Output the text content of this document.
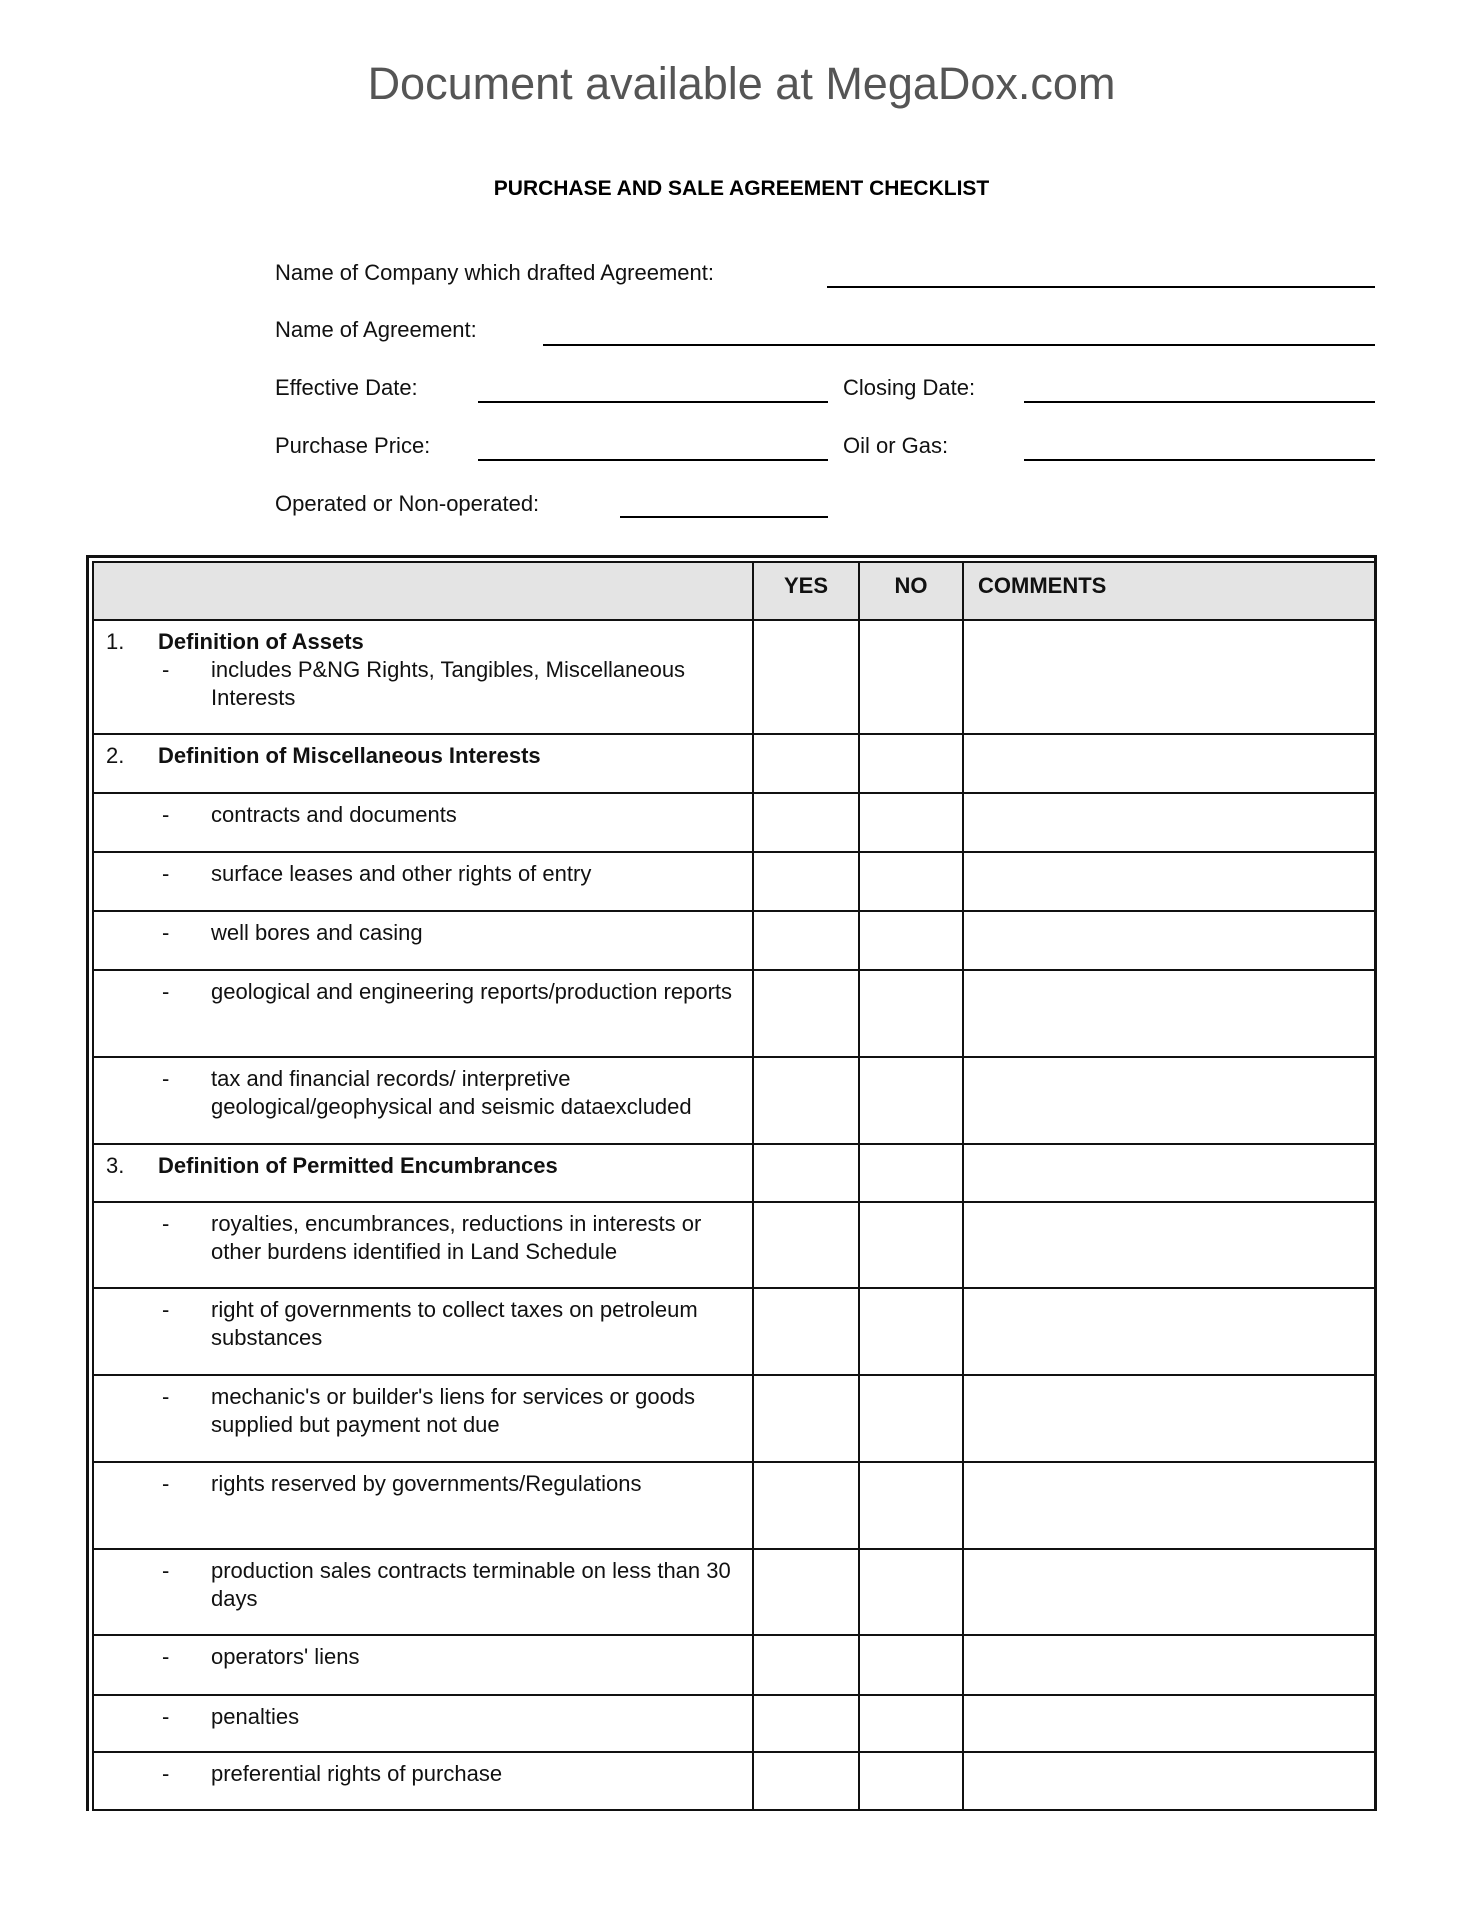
Document available at MegaDox.com
PURCHASE AND SALE AGREEMENT CHECKLIST
Name of Company which drafted Agreement:
Name of Agreement:
Effective Date:	Closing Date:
Purchase Price:	Oil or Gas:
Operated or Non-operated:
	YES	NO	COMMENTS

1. Definition of Assets
- includes P&NG Rights, Tangibles, Miscellaneous Interests			

2. Definition of Miscellaneous Interests			

- contracts and documents			

- surface leases and other rights of entry			

- well bores and casing			

- geological and engineering reports/production reports			

- tax and financial records/ interpretive geological/geophysical and seismic dataexcluded			

3. Definition of Permitted Encumbrances			

- royalties, encumbrances, reductions in interests or other burdens identified in Land Schedule			

- right of governments to collect taxes on petroleum substances			

- mechanic's or builder's liens for services or goods supplied but payment not due			

- rights reserved by governments/Regulations			

- production sales contracts terminable on less than 30 days			

- operators' liens			

- penalties			

- preferential rights of purchase			
